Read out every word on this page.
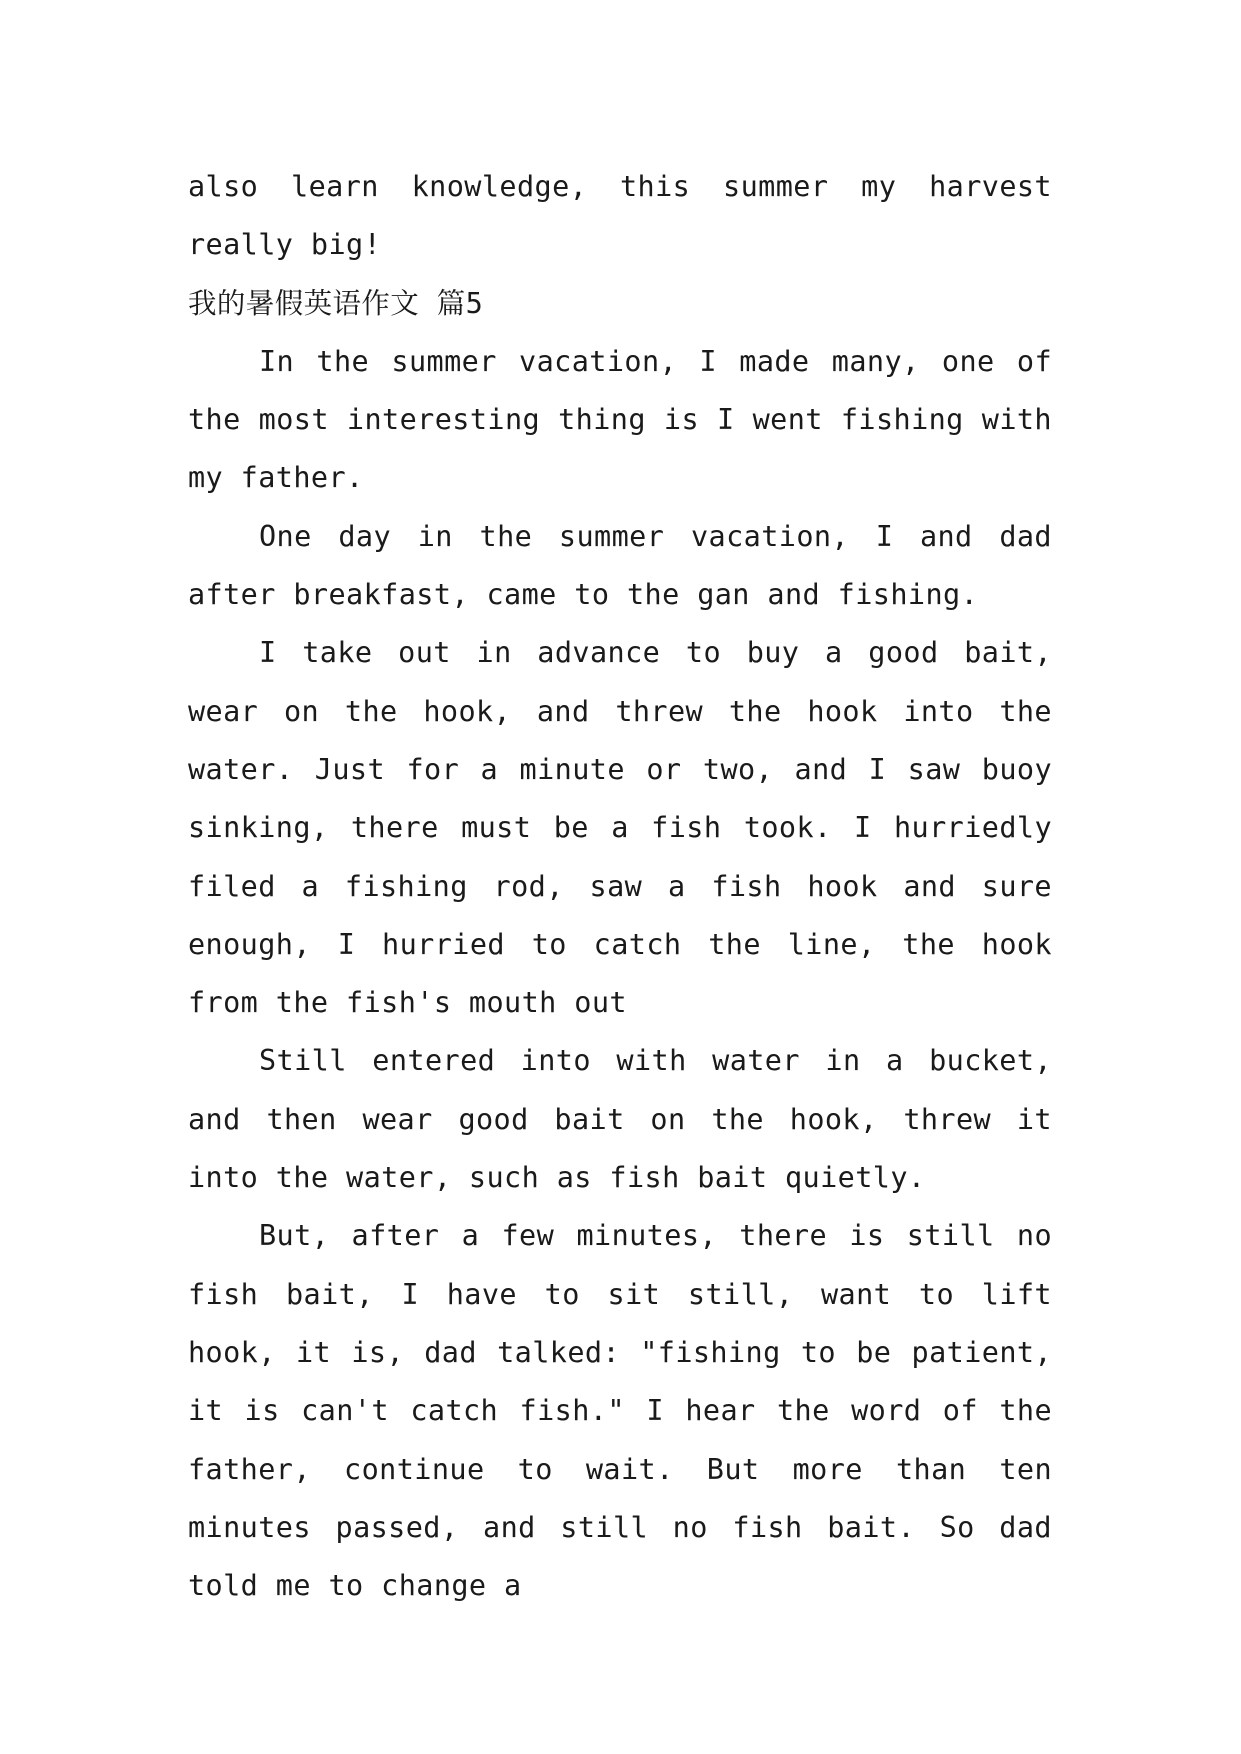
also learn knowledge, this summer my harvest really big!

我的暑假英语作文 篇5

In the summer vacation, I made many, one of the most interesting thing is I went fishing with my father.

One day in the summer vacation, I and dad after breakfast, came to the gan and fishing.

I take out in advance to buy a good bait, wear on the hook, and threw the hook into the water. Just for a minute or two, and I saw buoy sinking, there must be a fish took. I hurriedly filed a fishing rod, saw a fish hook and sure enough, I hurried to catch the line, the hook from the fish's mouth out

Still entered into with water in a bucket, and then wear good bait on the hook, threw it into the water, such as fish bait quietly.

But, after a few minutes, there is still no fish bait, I have to sit still, want to lift hook, it is, dad talked: "fishing to be patient, it is can't catch fish." I hear the word of the father, continue to wait. But more than ten minutes passed, and still no fish bait. So dad told me to change a
